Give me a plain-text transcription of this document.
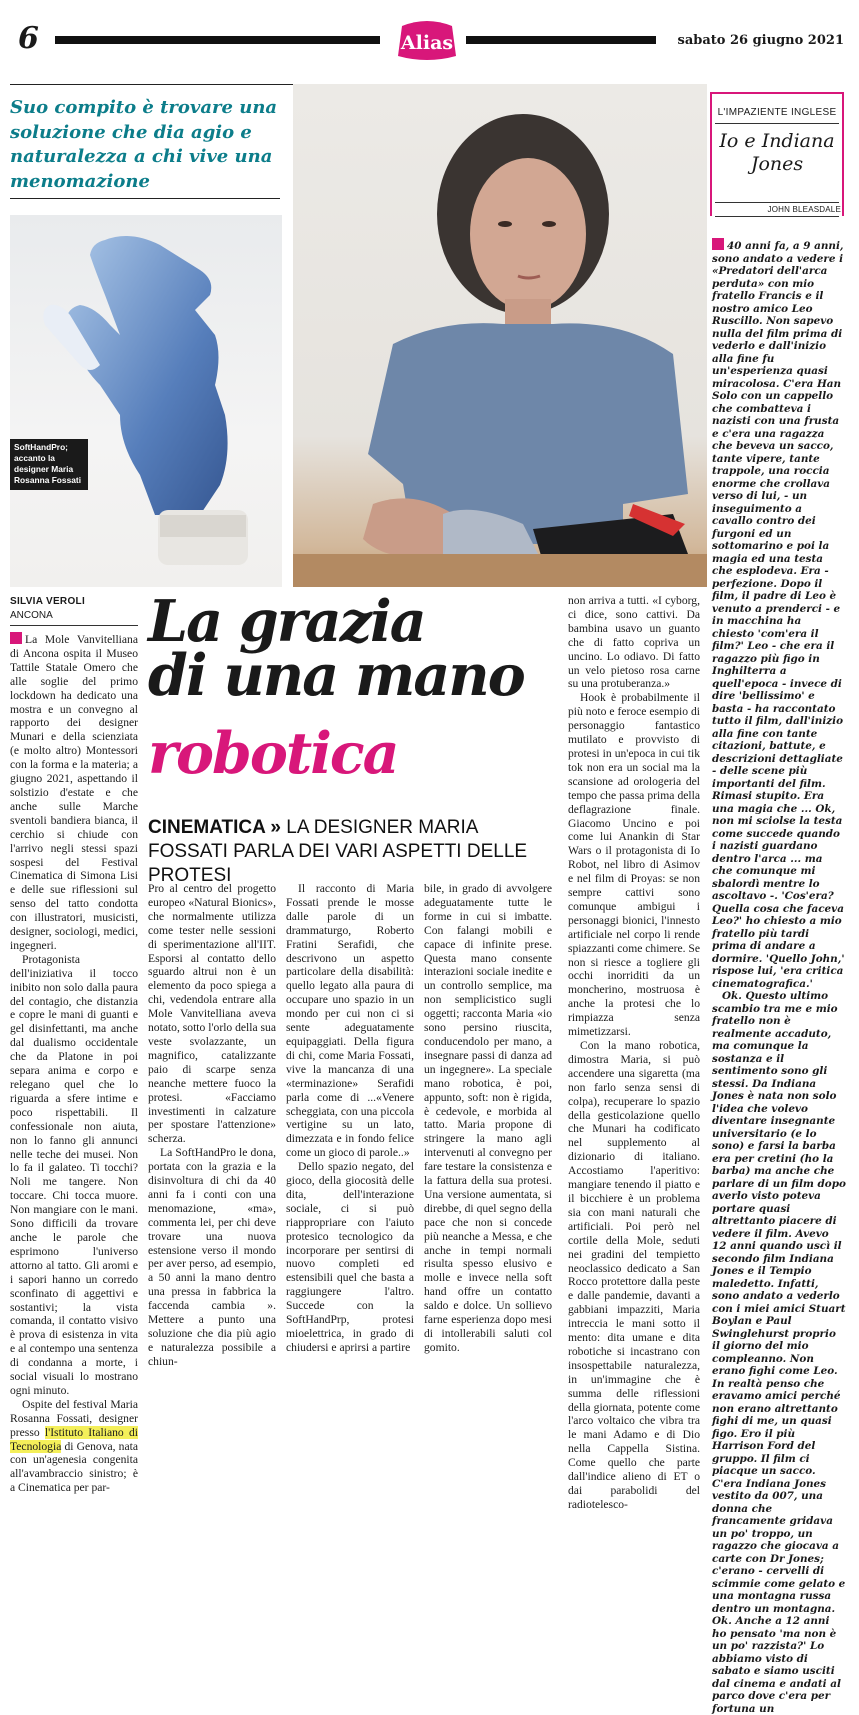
6	Alias	sabato 26 giugno 2021
Suo compito è trovare una soluzione che dia agio e naturalezza a chi vive una menomazione
SoftHandPro; accanto la designer Maria Rosanna Fossati
SILVIA VEROLI
ANCONA La grazia
di una mano
robotica
CINEMATICA » LA DESIGNER MARIA FOSSATI PARLA DEI VARI ASPETTI DELLE PROTESI

La Mole Vanvitelliana di Ancona ospita il Museo Tattile Statale Omero che alle soglie del primo lockdown ha dedicato una mostra e un convegno al rapporto dei designer Munari e della scienziata (e molto altro) Montessori con la forma e la materia; a giugno 2021, aspettando il solstizio d'estate e che anche sulle Marche sventoli bandiera bianca, il cerchio si chiude con l'arrivo negli stessi spazi sospesi del Festival Cinematica di Simona Lisi e delle sue riflessioni sul senso del tatto condotta con illustratori, musicisti, designer, sociologi, medici, ingegneri.

Protagonista dell'iniziativa il tocco inibito non solo dalla paura del contagio, che distanzia e copre le mani di guanti e gel disinfettanti, ma anche dal dualismo occidentale che da Platone in poi separa anima e corpo e relegano quel che lo riguarda a sfere intime e poco rispettabili. Il confessionale non aiuta, non lo fanno gli annunci nelle teche dei musei. Non lo fa il galateo. Ti tocchi? Noli me tangere. Non toccare. Chi tocca muore. Non mangiare con le mani. Sono difficili da trovare anche le parole che esprimono l'universo attorno al tatto. Gli aromi e i sapori hanno un corredo sconfinato di aggettivi e sostantivi; la vista comanda, il contatto visivo è prova di esistenza in vita e al contempo una sentenza di condanna a morte, i social visuali lo mostrano ogni minuto.

Ospite del festival Maria Rosanna Fossati, designer presso l'Istituto Italiano di Tecnologia di Genova, nata con un'agenesia congenita all'avambraccio sinistro; è a Cinematica per par-

Pro al centro del progetto europeo «Natural Bionics», che normalmente utilizza come tester nelle sessioni di sperimentazione all'IIT. Esporsi al contatto dello sguardo altrui non è un elemento da poco spiega a chi, vedendola entrare alla Mole Vanvitelliana aveva notato, sotto l'orlo della sua veste svolazzante, un magnifico, catalizzante paio di scarpe senza neanche mettere fuoco la protesi. «Facciamo investimenti in calzature per spostare l'attenzione» scherza.

La SoftHandPro le dona, portata con la grazia e la disinvoltura di chi da 40 anni fa i conti con una menomazione, «ma», commenta lei, per chi deve trovare una nuova estensione verso il mondo per aver perso, ad esempio, a 50 anni la mano dentro una pressa in fabbrica la faccenda cambia ». Mettere a punto una soluzione che dia più agio e naturalezza possibile a chiun-

Il racconto di Maria Fossati prende le mosse dalle parole di un drammaturgo, Roberto Fratini Serafidi, che descrivono un aspetto particolare della disabilità: quello legato alla paura di occupare uno spazio in un mondo per cui non ci si sente adeguatamente equipaggiati. Della figura di chi, come Maria Fossati, vive la mancanza di una «terminazione» Serafidi parla come di ...«Venere scheggiata, con una piccola vertigine su un lato, dimezzata e in fondo felice come un gioco di parole..»

Dello spazio negato, del gioco, della giocosità delle dita, dell'interazione sociale, ci si può riappropriare con l'aiuto protesico tecnologico da incorporare per sentirsi di nuovo completi ed estensibili quel che basta a raggiungere l'altro. Succede con la SoftHandPrp, protesi mioelettrica, in grado di chiudersi e aprirsi a partire

bile, in grado di avvolgere adeguatamente tutte le forme in cui si imbatte. Con falangi mobili e capace di infinite prese. Questa mano consente interazioni sociale inedite e un controllo semplice, ma non semplicistico sugli oggetti; racconta Maria «io sono persino riuscita, conducendolo per mano, a insegnare passi di danza ad un ingegnere». La speciale mano robotica, è poi, appunto, soft: non è rigida, è cedevole, e morbida al tatto. Maria propone di stringere la mano agli intervenuti al convegno per fare testare la consistenza e la fattura della sua protesi. Una versione aumentata, si direbbe, di quel segno della pace che non si concede più neanche a Messa, e che anche in tempi normali risulta spesso elusivo e molle e invece nella soft hand offre un contatto saldo e dolce. Un sollievo farne esperienza dopo mesi di intollerabili saluti col gomito.

non arriva a tutti. «I cyborg, ci dice, sono cattivi. Da bambina usavo un guanto che di fatto copriva un uncino. Lo odiavo. Di fatto un velo pietoso rosa carne su una protuberanza.»

Hook è probabilmente il più noto e feroce esempio di personaggio fantastico mutilato e provvisto di protesi in un'epoca in cui tik tok non era un social ma la scansione ad orologeria del tempo che passa prima della deflagrazione finale. Giacomo Uncino e poi come lui Anankin di Star Wars o il protagonista di Io Robot, nel libro di Asimov e nel film di Proyas: se non sempre cattivi sono comunque ambigui i personaggi bionici, l'innesto artificiale nel corpo li rende spiazzanti come chimere. Se non si riesce a togliere gli occhi inorriditi da un moncherino, mostruosa è anche la protesi che lo rimpiazza senza mimetizzarsi.

Con la mano robotica, dimostra Maria, si può accendere una sigaretta (ma non farlo senza sensi di colpa), recuperare lo spazio della gesticolazione quello che Munari ha codificato nel supplemento al dizionario di italiano. Accostiamo l'aperitivo: mangiare tenendo il piatto e il bicchiere è un problema sia con mani naturali che artificiali. Poi però nel cortile della Mole, seduti nei gradini del tempietto neoclassico dedicato a San Rocco protettore dalla peste e dalle pandemie, davanti a gabbiani impazziti, Maria intreccia le mani sotto il mento: dita umane e dita robotiche si incastrano con insospettabile naturalezza, in un'immagine che è summa delle riflessioni della giornata, potente come l'arco voltaico che vibra tra le mani Adamo e di Dio nella Cappella Sistina. Come quello che parte dall'indice alieno di ET o dai parabolidi del radiotelesco-

L'IMPAZIENTE INGLESE
Io e Indiana Jones
JOHN BLEASDALE

40 anni fa, a 9 anni, sono andato a vedere i «Predatori dell'arca perduta» con mio fratello Francis e il nostro amico Leo Ruscillo. Non sapevo nulla del film prima di vederlo e dall'inizio alla fine fu un'esperienza quasi miracolosa. C'era Han Solo con un cappello che combatteva i nazisti con una frusta e c'era una ragazza che beveva un sacco, tante vipere, tante trappole, una roccia enorme che crollava verso di lui, - un inseguimento a cavallo contro dei furgoni ed un sottomarino e poi la magia ed una testa che esplodeva. Era - perfezione. Dopo il film, il padre di Leo è venuto a prenderci - e in macchina ha chiesto 'com'era il film?' Leo - che era il ragazzo più figo in Inghilterra a quell'epoca - invece di dire 'bellissimo' e basta - ha raccontato tutto il film, dall'inizio alla fine con tante citazioni, battute, e descrizioni dettagliate - delle scene più importanti del film. Rimasi stupito. Era una magia che ... Ok, non mi sciolse la testa come succede quando i nazisti guardano dentro l'arca ... ma che comunque mi sbalordì mentre lo ascoltavo -. 'Cos'era? Quella cosa che faceva Leo?' ho chiesto a mio fratello più tardi prima di andare a dormire. 'Quello John,' rispose lui, 'era critica cinematografica.'

Ok. Questo ultimo scambio tra me e mio fratello non è realmente accaduto, ma comunque la sostanza e il sentimento sono gli stessi. Da Indiana Jones è nata non solo l'idea che volevo diventare insegnante universitario (e lo sono) e farsi la barba era per cretini (ho la barba) ma anche che parlare di un film dopo averlo visto poteva portare quasi altrettanto piacere di vedere il film. Avevo 12 anni quando uscì il secondo film Indiana Jones e il Tempio maledetto. Infatti, sono andato a vederlo con i miei amici Stuart Boylan e Paul Swinglehurst proprio il giorno del mio compleanno. Non erano fighi come Leo. In realtà penso che eravamo amici perché non erano altrettanto fighi di me, un quasi figo. Ero il più Harrison Ford del gruppo. Il film ci piacque un sacco. C'era Indiana Jones vestito da 007, una donna che francamente gridava un po' troppo, un ragazzo che giocava a carte con Dr Jones; c'erano - cervelli di scimmie come gelato e una montagna russa dentro un montagna. Ok. Anche a 12 anni ho pensato 'ma non è un po' razzista?' Lo abbiamo visto di sabato e siamo usciti dal cinema e andati al parco dove c'era per fortuna un
